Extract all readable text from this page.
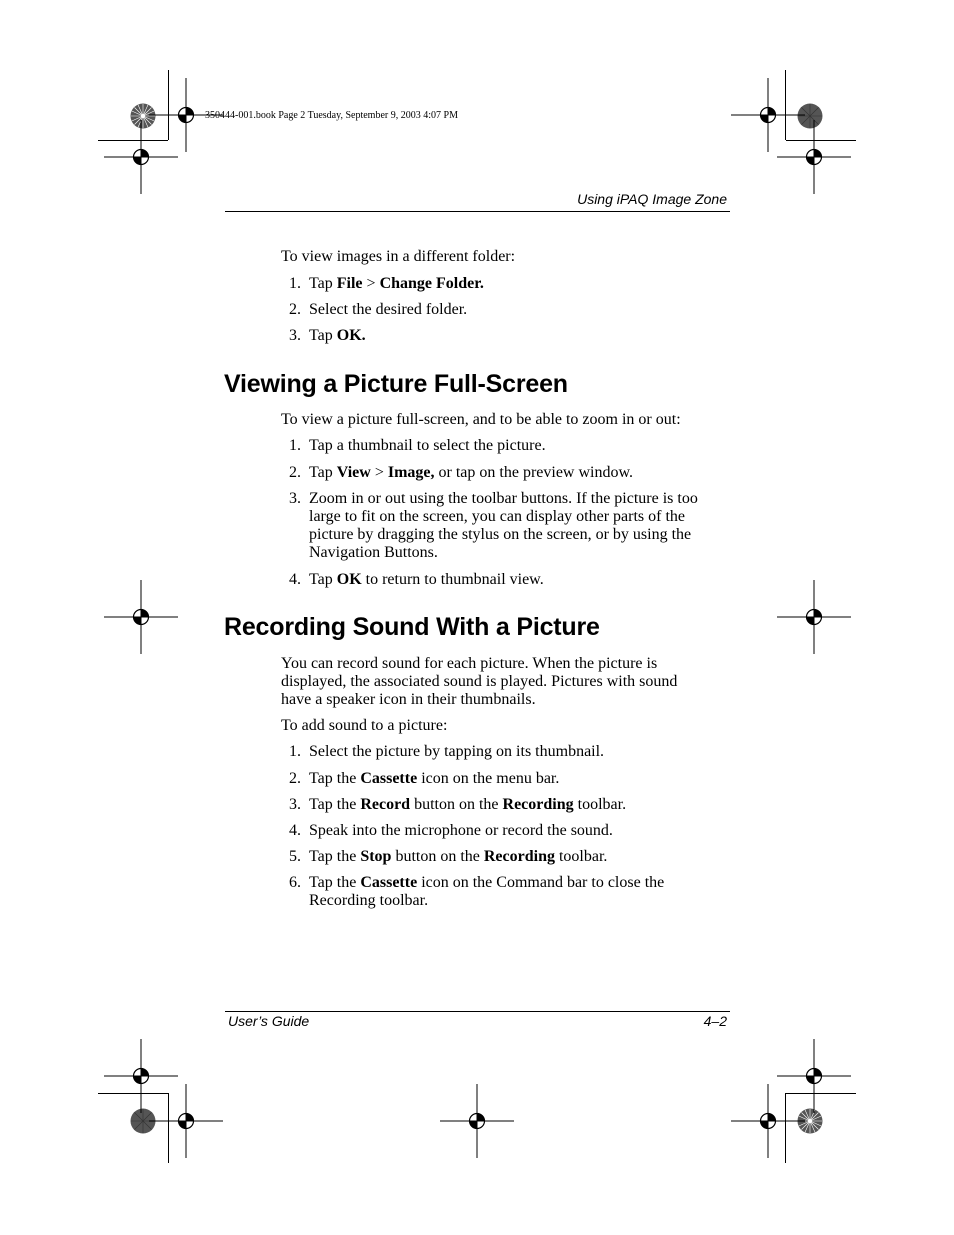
350444-001.book Page 2 Tuesday, September 9, 2003 4:07 PM
Using iPAQ Image Zone
To view images in a different folder:
1. Tap File > Change Folder.
2. Select the desired folder.
3. Tap OK.
Viewing a Picture Full-Screen
To view a picture full-screen, and to be able to zoom in or out:
1. Tap a thumbnail to select the picture.
2. Tap View > Image, or tap on the preview window.
3. Zoom in or out using the toolbar buttons. If the picture is too
large to fit on the screen, you can display other parts of the
picture by dragging the stylus on the screen, or by using the
Navigation Buttons.
4. Tap OK to return to thumbnail view.
Recording Sound With a Picture
You can record sound for each picture. When the picture is
displayed, the associated sound is played. Pictures with sound
have a speaker icon in their thumbnails.
To add sound to a picture:
1. Select the picture by tapping on its thumbnail.
2. Tap the Cassette icon on the menu bar.
3. Tap the Record button on the Recording toolbar.
4. Speak into the microphone or record the sound.
5. Tap the Stop button on the Recording toolbar.
6. Tap the Cassette icon on the Command bar to close the
Recording toolbar.
User’s Guide	4–2
